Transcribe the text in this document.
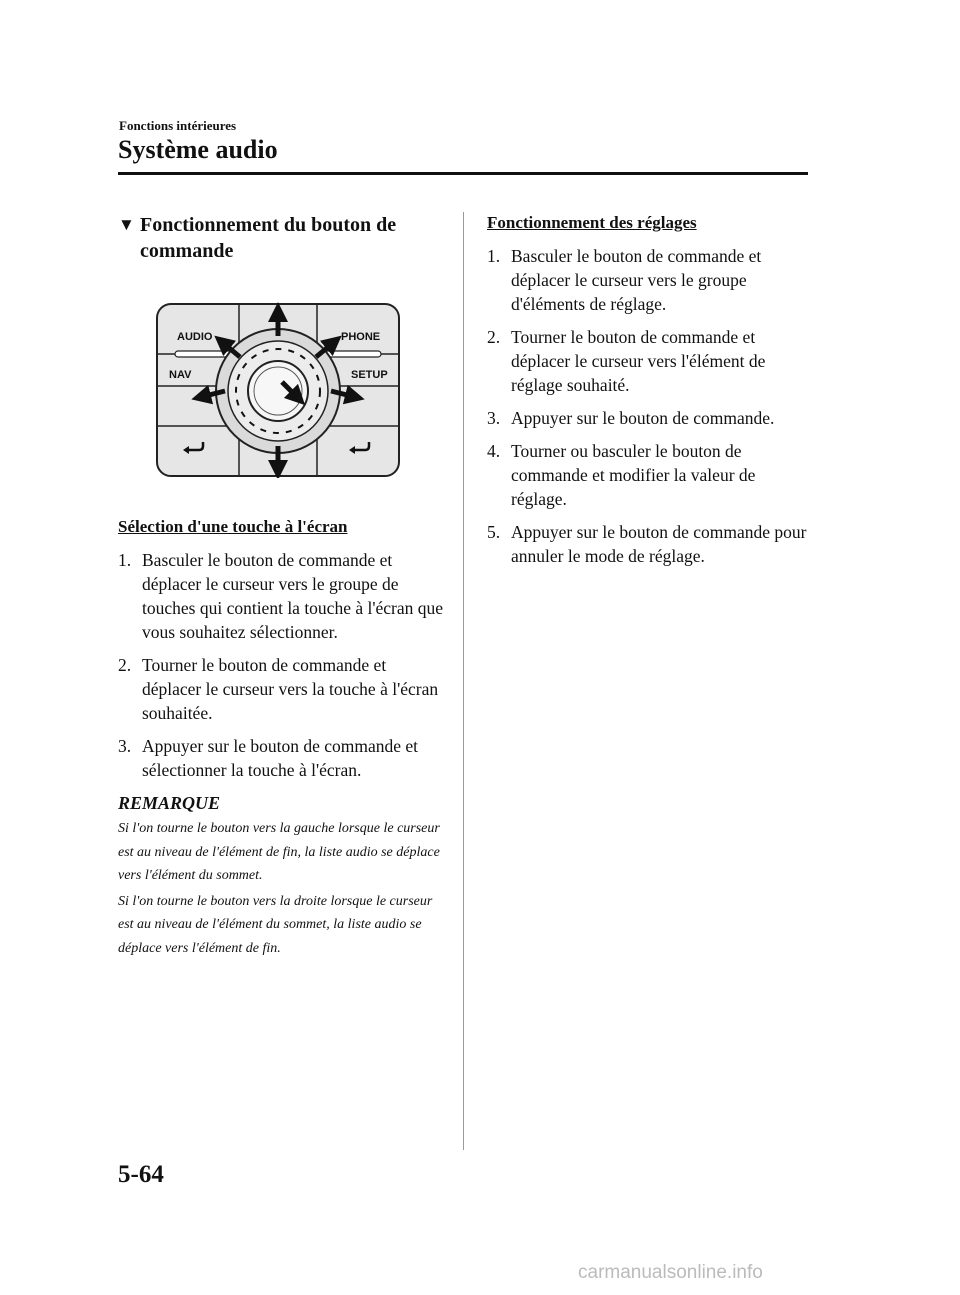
Fonctions intérieures
Système audio
▼ Fonctionnement du bouton de commande
AUDIO	PHONE
NAV	SETUP
Sélection d'une touche à l'écran
1. Basculer le bouton de commande et déplacer le curseur vers le groupe de touches qui contient la touche à l'écran que vous souhaitez sélectionner.
2. Tourner le bouton de commande et déplacer le curseur vers la touche à l'écran souhaitée.
3. Appuyer sur le bouton de commande et sélectionner la touche à l'écran.
REMARQUE
Si l'on tourne le bouton vers la gauche lorsque le curseur est au niveau de l'élément de fin, la liste audio se déplace vers l'élément du sommet.
Si l'on tourne le bouton vers la droite lorsque le curseur est au niveau de l'élément du sommet, la liste audio se déplace vers l'élément de fin.
Fonctionnement des réglages
1. Basculer le bouton de commande et déplacer le curseur vers le groupe d'éléments de réglage.
2. Tourner le bouton de commande et déplacer le curseur vers l'élément de réglage souhaité.
3. Appuyer sur le bouton de commande.
4. Tourner ou basculer le bouton de commande et modifier la valeur de réglage.
5. Appuyer sur le bouton de commande pour annuler le mode de réglage.
5-64
carmanualsonline.info
